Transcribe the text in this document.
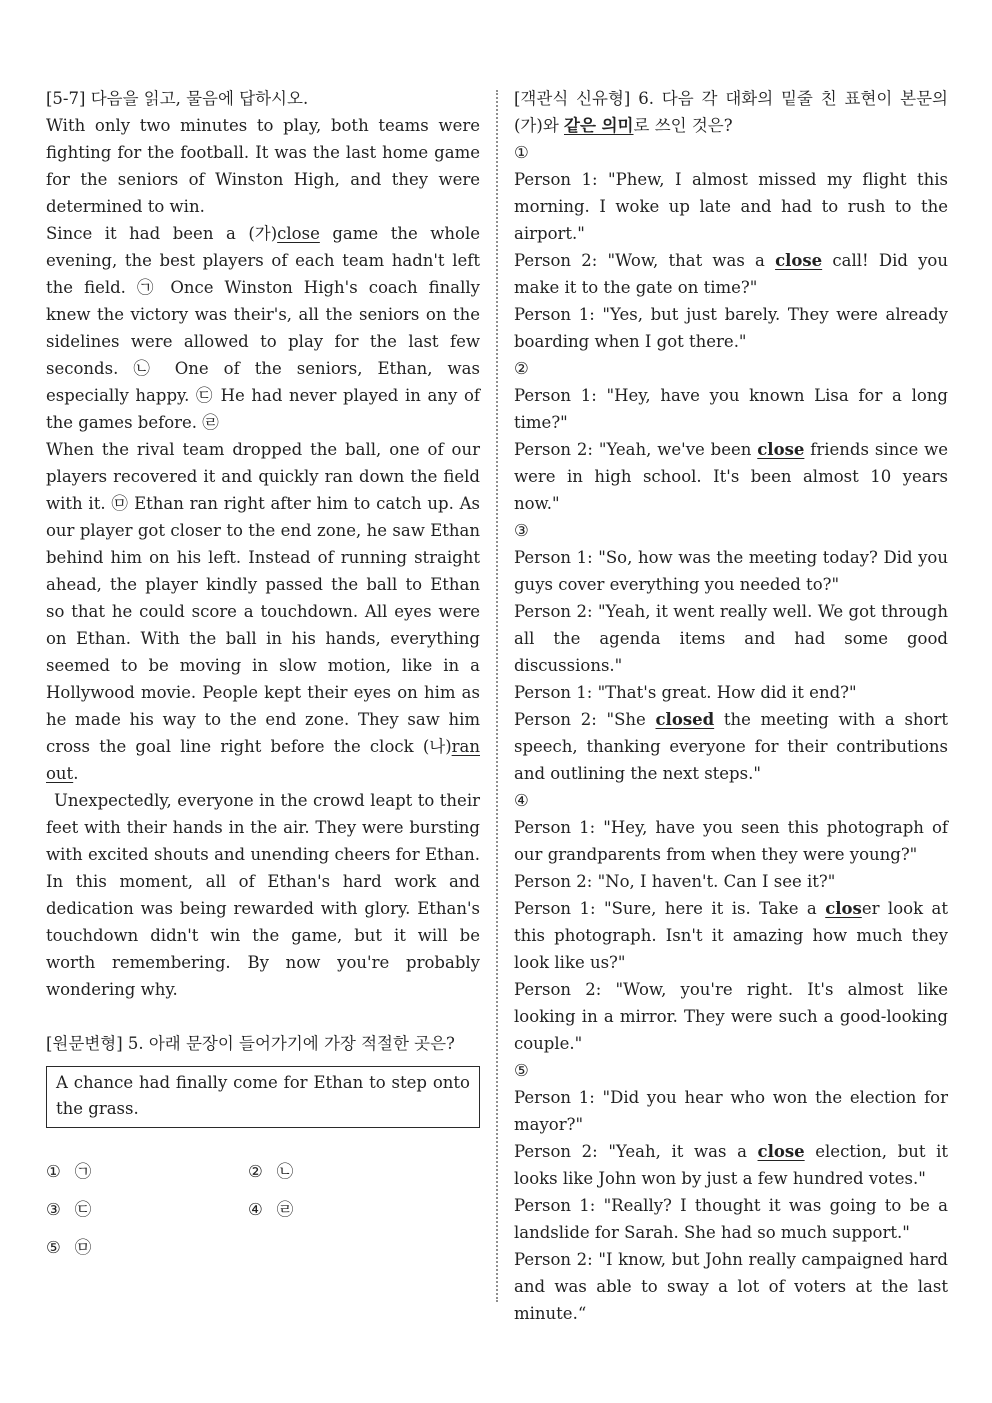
[5-7] 다음을 읽고, 물음에 답하시오.

With only two minutes to play, both teams were fighting for the football. It was the last home game for the seniors of Winston High, and they were determined to win.

Since it had been a (가)close game the whole evening, the best players of each team hadn't left the field. ㉠ Once Winston High's coach finally knew the victory was their's, all the seniors on the sidelines were allowed to play for the last few seconds. ㉡ One of the seniors, Ethan, was especially happy. ㉢ He had never played in any of the games before. ㉣

When the rival team dropped the ball, one of our players recovered it and quickly ran down the field with it. ㉤ Ethan ran right after him to catch up. As our player got closer to the end zone, he saw Ethan behind him on his left. Instead of running straight ahead, the player kindly passed the ball to Ethan so that he could score a touchdown. All eyes were on Ethan. With the ball in his hands, everything seemed to be moving in slow motion, like in a Hollywood movie. People kept their eyes on him as he made his way to the end zone. They saw him cross the goal line right before the clock (나)ran out.

Unexpectedly, everyone in the crowd leapt to their feet with their hands in the air. They were bursting with excited shouts and unending cheers for Ethan. In this moment, all of Ethan's hard work and dedication was being rewarded with glory. Ethan's touchdown didn't win the game, but it will be worth remembering. By now you're probably wondering why.

[원문변형] 5. 아래 문장이 들어가기에 가장 적절한 곳은?

A chance had finally come for Ethan to step onto the grass.
① ㉠	② ㉡
③ ㉢	④ ㉣
⑤ ㉤

[객관식 신유형] 6. 다음 각 대화의 밑줄 친 표현이 본문의 (가)와 같은 의미로 쓰인 것은?

①

Person 1: "Phew, I almost missed my flight this morning. I woke up late and had to rush to the airport."

Person 2: "Wow, that was a close call! Did you make it to the gate on time?"

Person 1: "Yes, but just barely. They were already boarding when I got there."

②

Person 1: "Hey, have you known Lisa for a long time?"

Person 2: "Yeah, we've been close friends since we were in high school. It's been almost 10 years now."

③

Person 1: "So, how was the meeting today? Did you guys cover everything you needed to?"

Person 2: "Yeah, it went really well. We got through all the agenda items and had some good discussions."

Person 1: "That's great. How did it end?"

Person 2: "She closed the meeting with a short speech, thanking everyone for their contributions and outlining the next steps."

④

Person 1: "Hey, have you seen this photograph of our grandparents from when they were young?"

Person 2: "No, I haven't. Can I see it?"

Person 1: "Sure, here it is. Take a closer look at this photograph. Isn't it amazing how much they look like us?"

Person 2: "Wow, you're right. It's almost like looking in a mirror. They were such a good-looking couple."

⑤

Person 1: "Did you hear who won the election for mayor?"

Person 2: "Yeah, it was a close election, but it looks like John won by just a few hundred votes."

Person 1: "Really? I thought it was going to be a landslide for Sarah. She had so much support."

Person 2: "I know, but John really campaigned hard and was able to sway a lot of voters at the last minute.“
